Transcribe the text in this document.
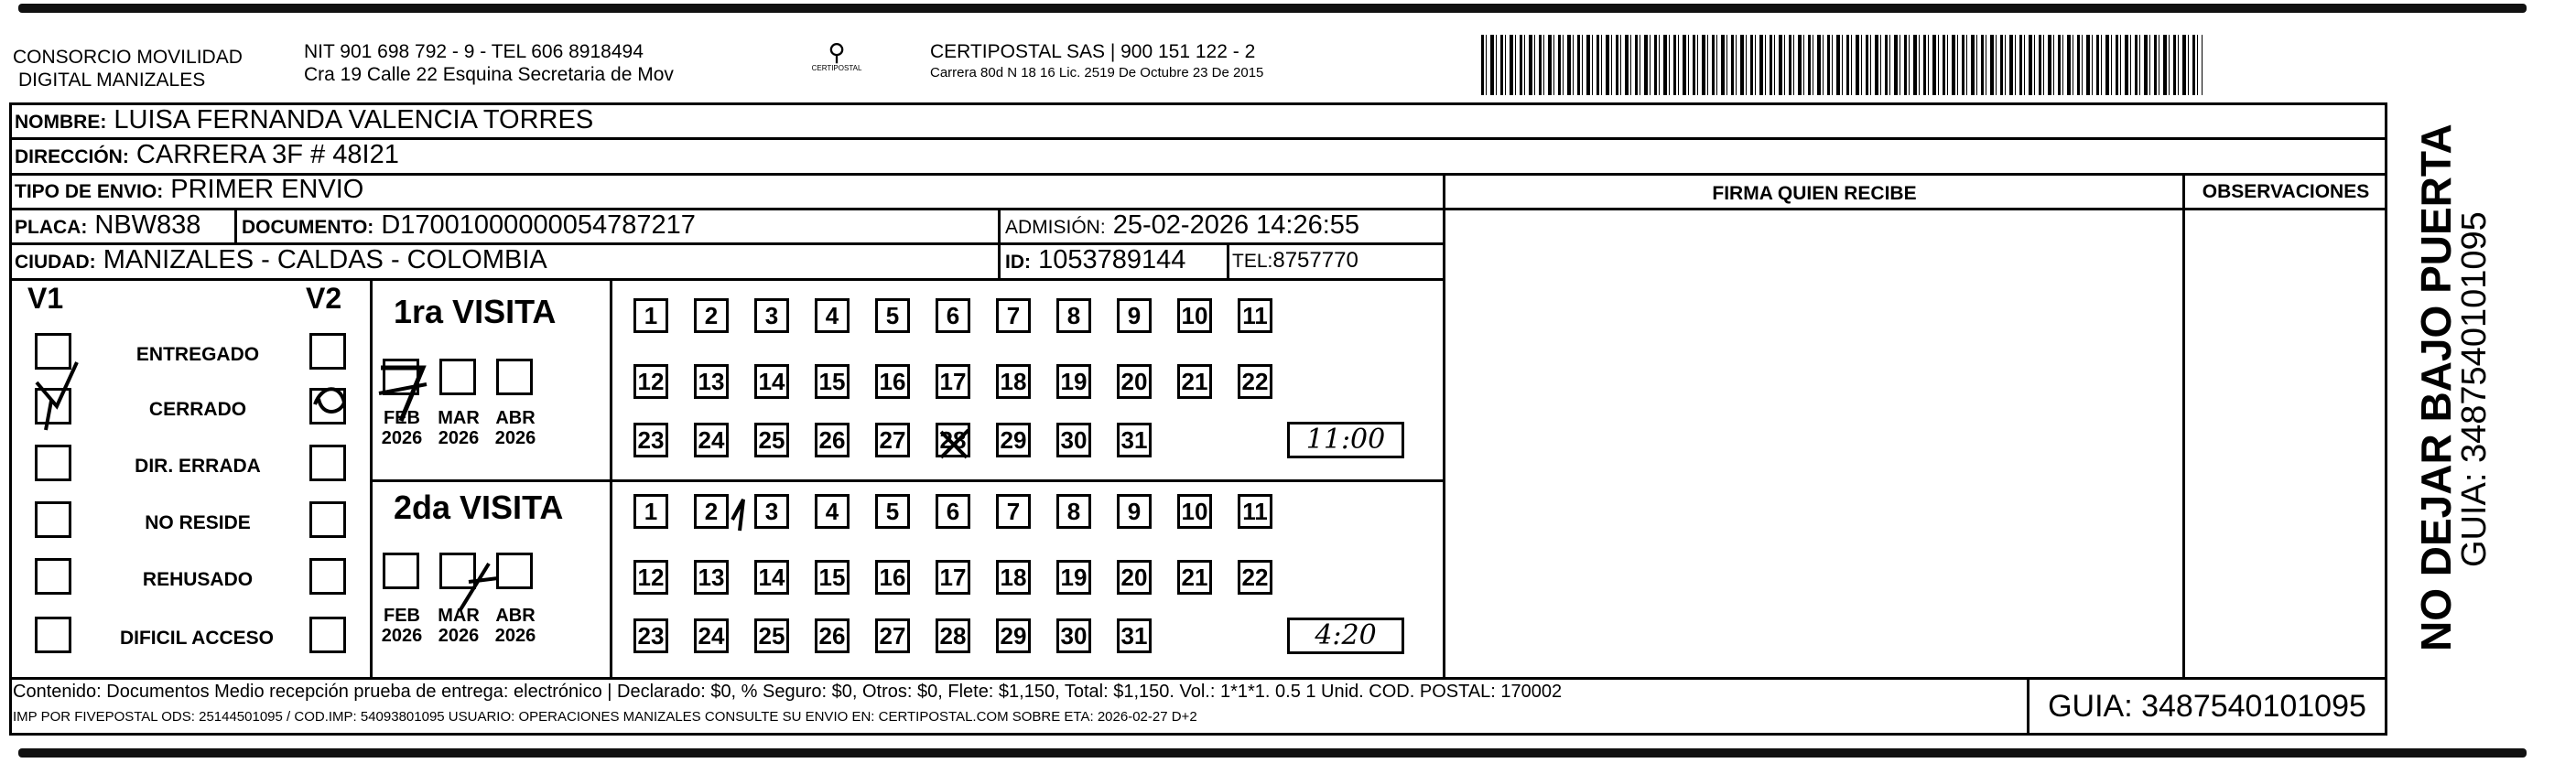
CONSORCIO MOVILIDAD
DIGITAL MANIZALES
NIT 901 698 792 - 9 - TEL 606 8918494
Cra 19 Calle 22 Esquina Secretaria de Mov
⚲
CERTIPOSTAL
CERTIPOSTAL SAS | 900 151 122 - 2
Carrera 80d N 18 16 Lic. 2519 De Octubre 23 De 2015
NOMBRE: LUISA FERNANDA VALENCIA TORRES
DIRECCIÓN: CARRERA 3F # 48I21
TIPO DE ENVIO: PRIMER ENVIO	FIRMA QUIEN RECIBE	OBSERVACIONES
PLACA: NBW838 DOCUMENTO: D17001000000054787217	ADMISIÓN: 25-02-2026 14:26:55
CIUDAD: MANIZALES - CALDAS - COLOMBIA	ID: 1053789144 TEL:8757770
V1	V2
ENTREGADO
CERRADO
DIR. ERRADA
NO RESIDE
REHUSADO
DIFICIL ACCESO
1ra VISITA
2da VISITA
FEB
2026
MAR
2026
ABR
2026
FEB
2026
MAR
2026
ABR
2026
1	2	3	4	5	6	7	8	9	10 11
12 13 14 15 16 17 18 19 20 21 22
23 24 25 26 27 28 29 30 31
1	2	3	4	5	6	7	8	9	10 11
12 13 14 15 16 17 18 19 20 21 22
23 24 25 26 27 28 29 30 31
11:00
4:20
Contenido: Documentos Medio recepción prueba de entrega: electrónico | Declarado: $0, % Seguro: $0, Otros: $0, Flete: $1,150, Total: $1,150. Vol.: 1*1*1. 0.5 1 Unid. COD. POSTAL: 170002
IMP POR FIVEPOSTAL ODS: 25144501095 / COD.IMP: 54093801095 USUARIO: OPERACIONES MANIZALES CONSULTE SU ENVIO EN: CERTIPOSTAL.COM SOBRE ETA: 2026-02-27 D+2	GUIA: 3487540101095
NO DEJAR BAJO PUERTA
GUIA: 3487540101095
